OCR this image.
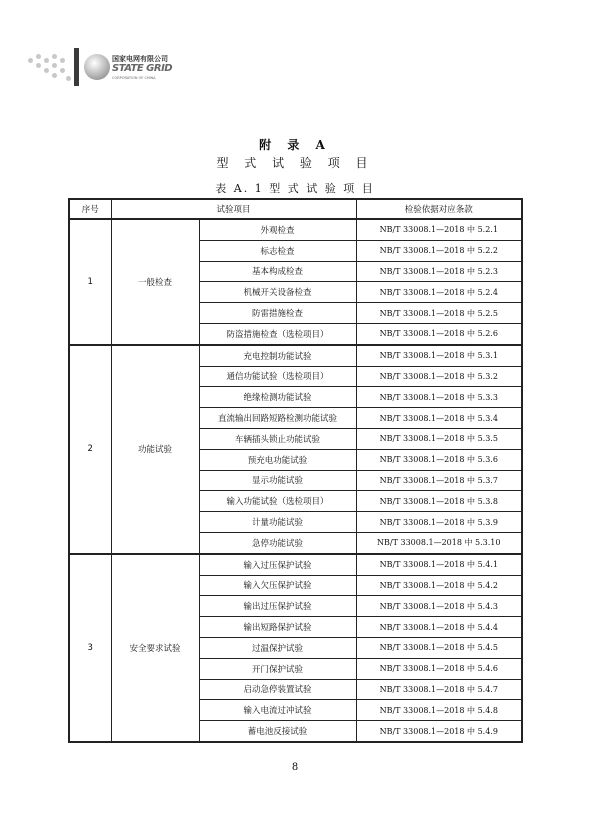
国家电网有限公司
STATE GRID
CORPORATION OF CHINA
附 录 A
型 式 试 验 项 目
表 A. 1 型 式 试 验 项 目
序号	试验项目		检验依据对应条款
1	一般检查	外观检查	NB/T 33008.1—2018 中 5.2.1
		标志检查	NB/T 33008.1—2018 中 5.2.2
		基本构成检查	NB/T 33008.1—2018 中 5.2.3
		机械开关设备检查	NB/T 33008.1—2018 中 5.2.4
		防雷措施检查	NB/T 33008.1—2018 中 5.2.5
		防盗措施检查（选检项目）	NB/T 33008.1—2018 中 5.2.6
2	功能试验	充电控制功能试验	NB/T 33008.1—2018 中 5.3.1
		通信功能试验（选检项目）	NB/T 33008.1—2018 中 5.3.2
		绝缘检测功能试验	NB/T 33008.1—2018 中 5.3.3
		直流输出回路短路检测功能试验	NB/T 33008.1—2018 中 5.3.4
		车辆插头锁止功能试验	NB/T 33008.1—2018 中 5.3.5
		预充电功能试验	NB/T 33008.1—2018 中 5.3.6
		显示功能试验	NB/T 33008.1—2018 中 5.3.7
		输入功能试验（选检项目）	NB/T 33008.1—2018 中 5.3.8
		计量功能试验	NB/T 33008.1—2018 中 5.3.9
		急停功能试验	NB/T 33008.1—2018 中 5.3.10
3	安全要求试验	输入过压保护试验	NB/T 33008.1—2018 中 5.4.1
		输入欠压保护试验	NB/T 33008.1—2018 中 5.4.2
		输出过压保护试验	NB/T 33008.1—2018 中 5.4.3
		输出短路保护试验	NB/T 33008.1—2018 中 5.4.4
		过温保护试验	NB/T 33008.1—2018 中 5.4.5
		开门保护试验	NB/T 33008.1—2018 中 5.4.6
		启动急停装置试验	NB/T 33008.1—2018 中 5.4.7
		输入电流过冲试验	NB/T 33008.1—2018 中 5.4.8
		蓄电池反接试验	NB/T 33008.1—2018 中 5.4.9
8
